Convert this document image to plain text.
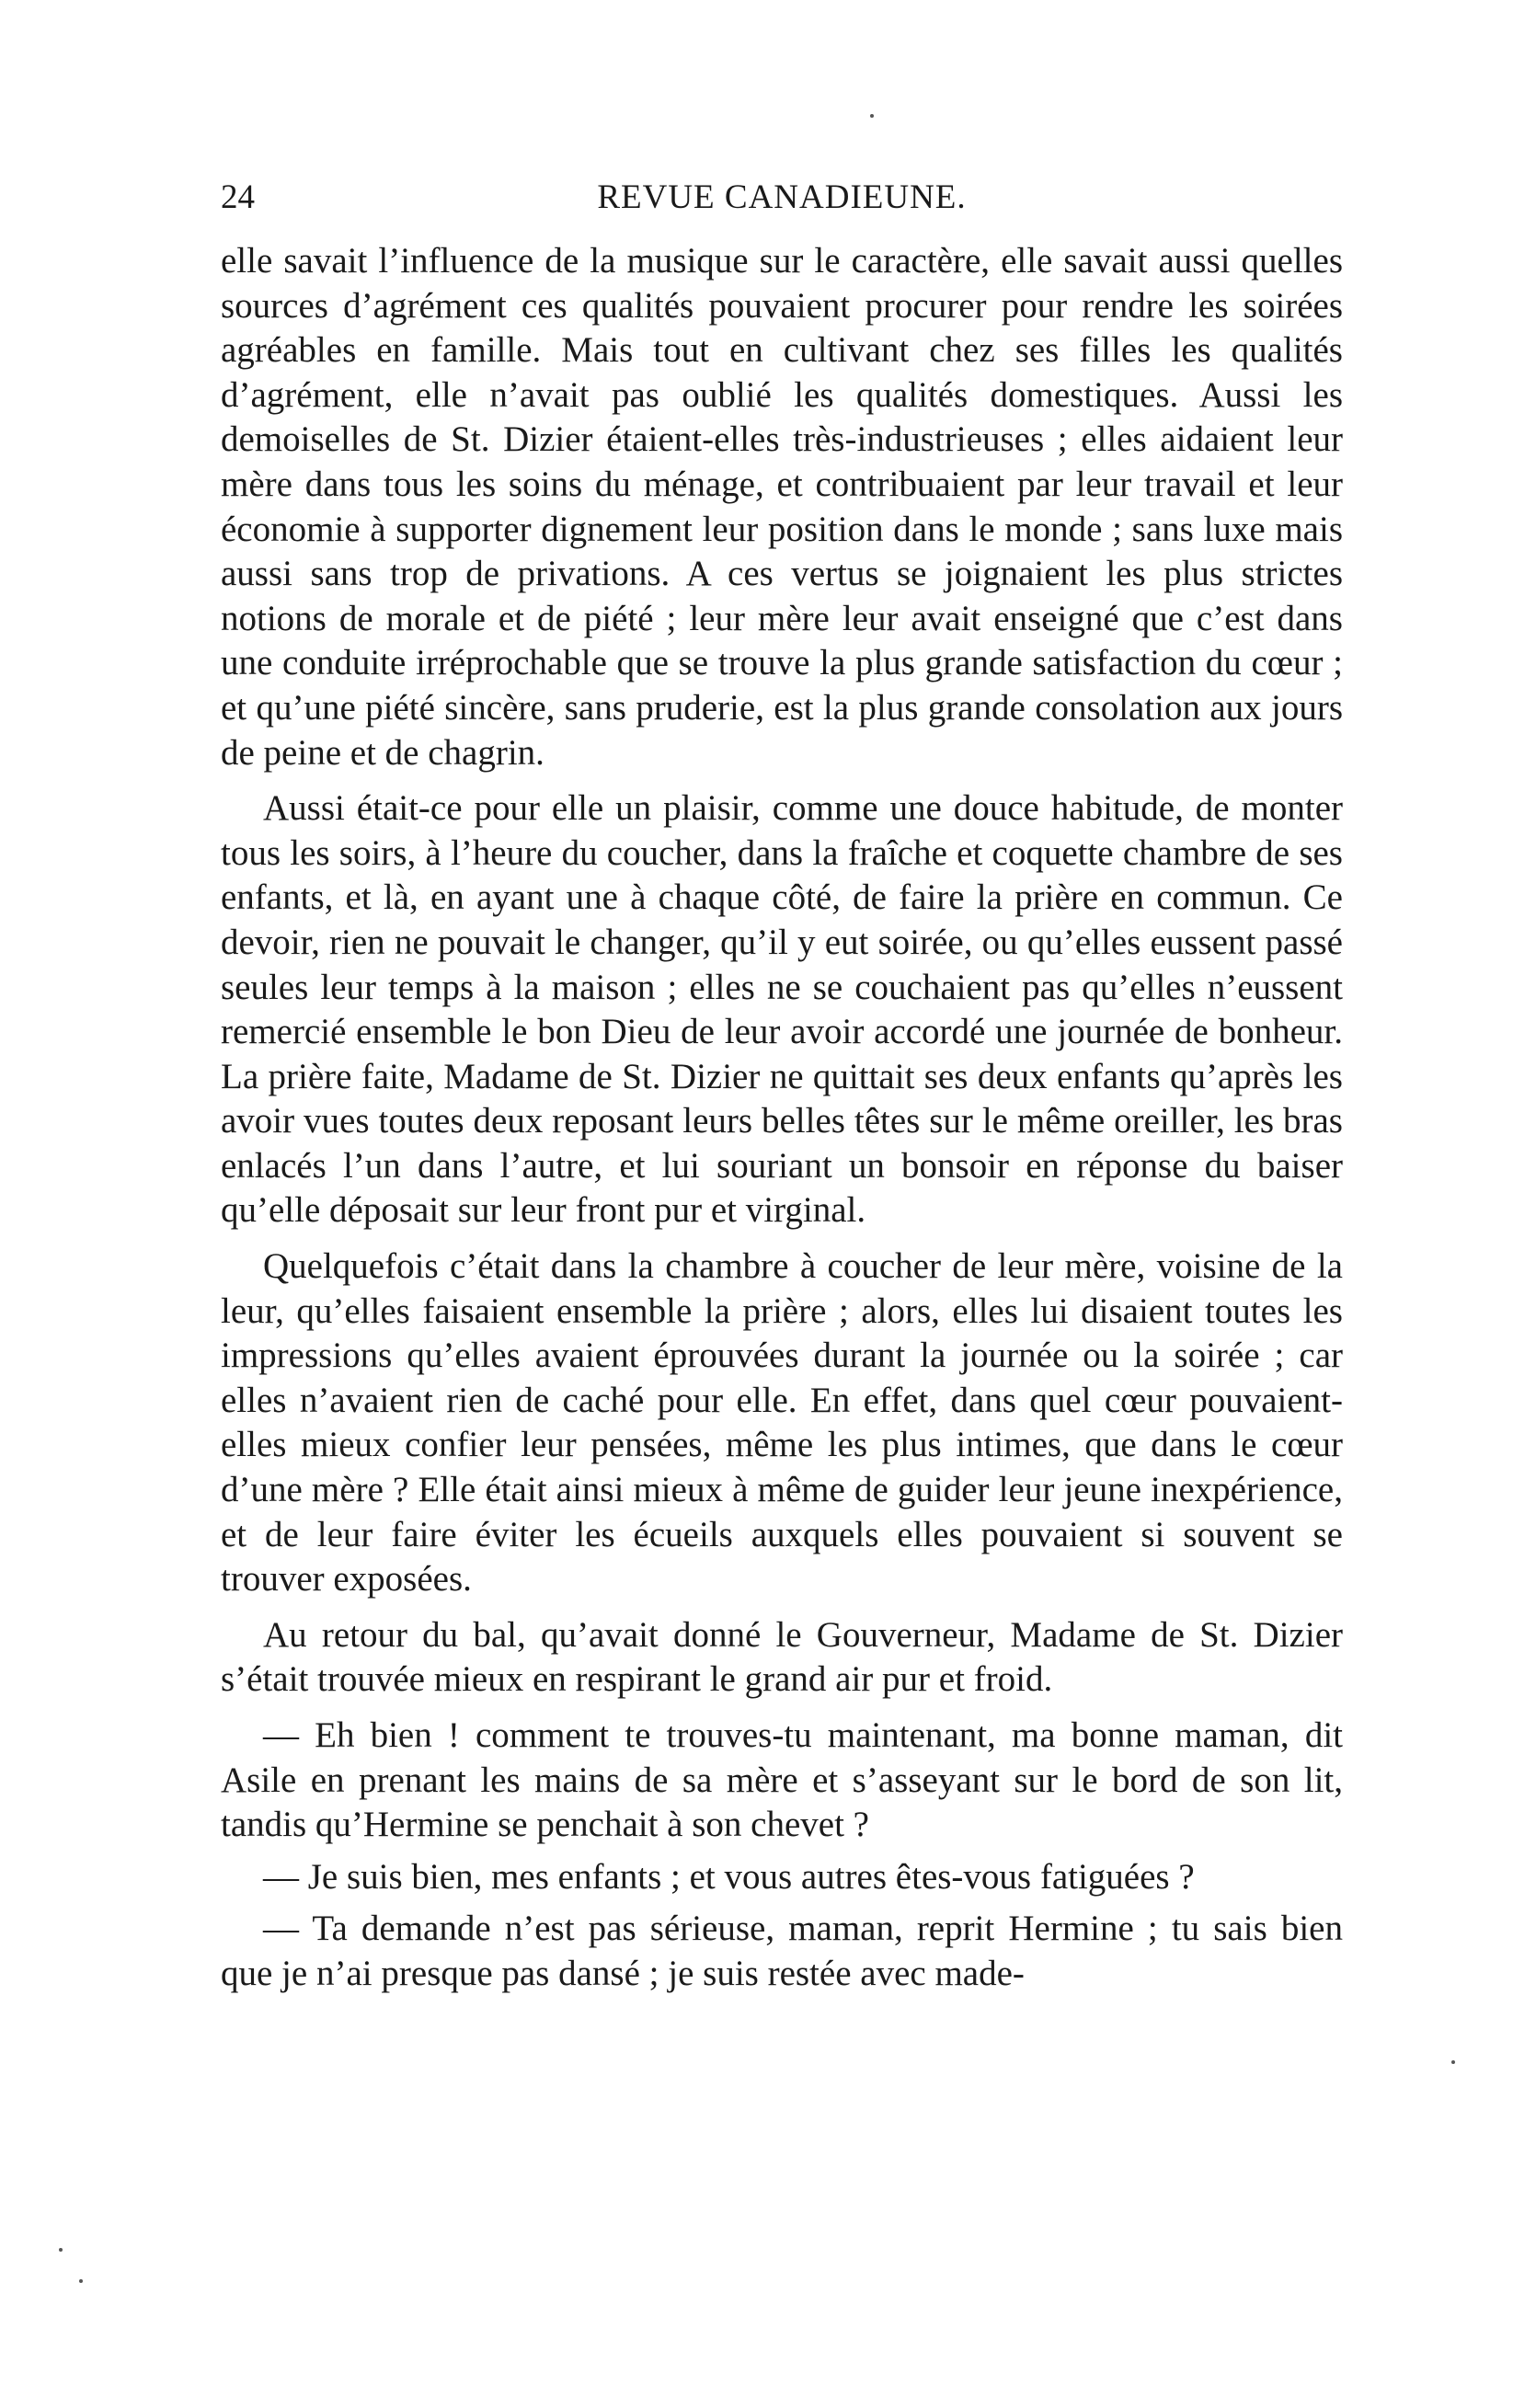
24	REVUE CANADIEUNE.

elle savait l’influence de la musique sur le caractère, elle savait aussi quelles sources d’agrément ces qualités pouvaient procurer pour rendre les soirées agréables en famille. Mais tout en cultivant chez ses filles les qualités d’agrément, elle n’avait pas oublié les qualités domestiques. Aussi les demoiselles de St. Dizier étaient-elles très-industrieuses ; elles aidaient leur mère dans tous les soins du ménage, et contribuaient par leur travail et leur économie à supporter dignement leur position dans le monde ; sans luxe mais aussi sans trop de privations. A ces vertus se joignaient les plus strictes notions de morale et de piété ; leur mère leur avait enseigné que c’est dans une conduite irréprochable que se trouve la plus grande satisfaction du cœur ; et qu’une piété sincère, sans pruderie, est la plus grande consolation aux jours de peine et de chagrin.

Aussi était-ce pour elle un plaisir, comme une douce habitude, de monter tous les soirs, à l’heure du coucher, dans la fraîche et coquette chambre de ses enfants, et là, en ayant une à chaque côté, de faire la prière en commun. Ce devoir, rien ne pouvait le changer, qu’il y eut soirée, ou qu’elles eussent passé seules leur temps à la maison ; elles ne se couchaient pas qu’elles n’eussent remercié ensemble le bon Dieu de leur avoir accordé une journée de bonheur. La prière faite, Madame de St. Dizier ne quittait ses deux enfants qu’après les avoir vues toutes deux reposant leurs belles têtes sur le même oreiller, les bras enlacés l’un dans l’autre, et lui souriant un bonsoir en réponse du baiser qu’elle déposait sur leur front pur et virginal.

Quelquefois c’était dans la chambre à coucher de leur mère, voisine de la leur, qu’elles faisaient ensemble la prière ; alors, elles lui disaient toutes les impressions qu’elles avaient éprouvées durant la journée ou la soirée ; car elles n’avaient rien de caché pour elle. En effet, dans quel cœur pouvaient-elles mieux confier leur pensées, même les plus intimes, que dans le cœur d’une mère ? Elle était ainsi mieux à même de guider leur jeune inexpérience, et de leur faire éviter les écueils auxquels elles pouvaient si souvent se trouver exposées.

Au retour du bal, qu’avait donné le Gouverneur, Madame de St. Dizier s’était trouvée mieux en respirant le grand air pur et froid.

— Eh bien ! comment te trouves-tu maintenant, ma bonne maman, dit Asile en prenant les mains de sa mère et s’asseyant sur le bord de son lit, tandis qu’Hermine se penchait à son chevet ?

— Je suis bien, mes enfants ; et vous autres êtes-vous fatiguées ?

— Ta demande n’est pas sérieuse, maman, reprit Hermine ; tu sais bien que je n’ai presque pas dansé ; je suis restée avec made-
